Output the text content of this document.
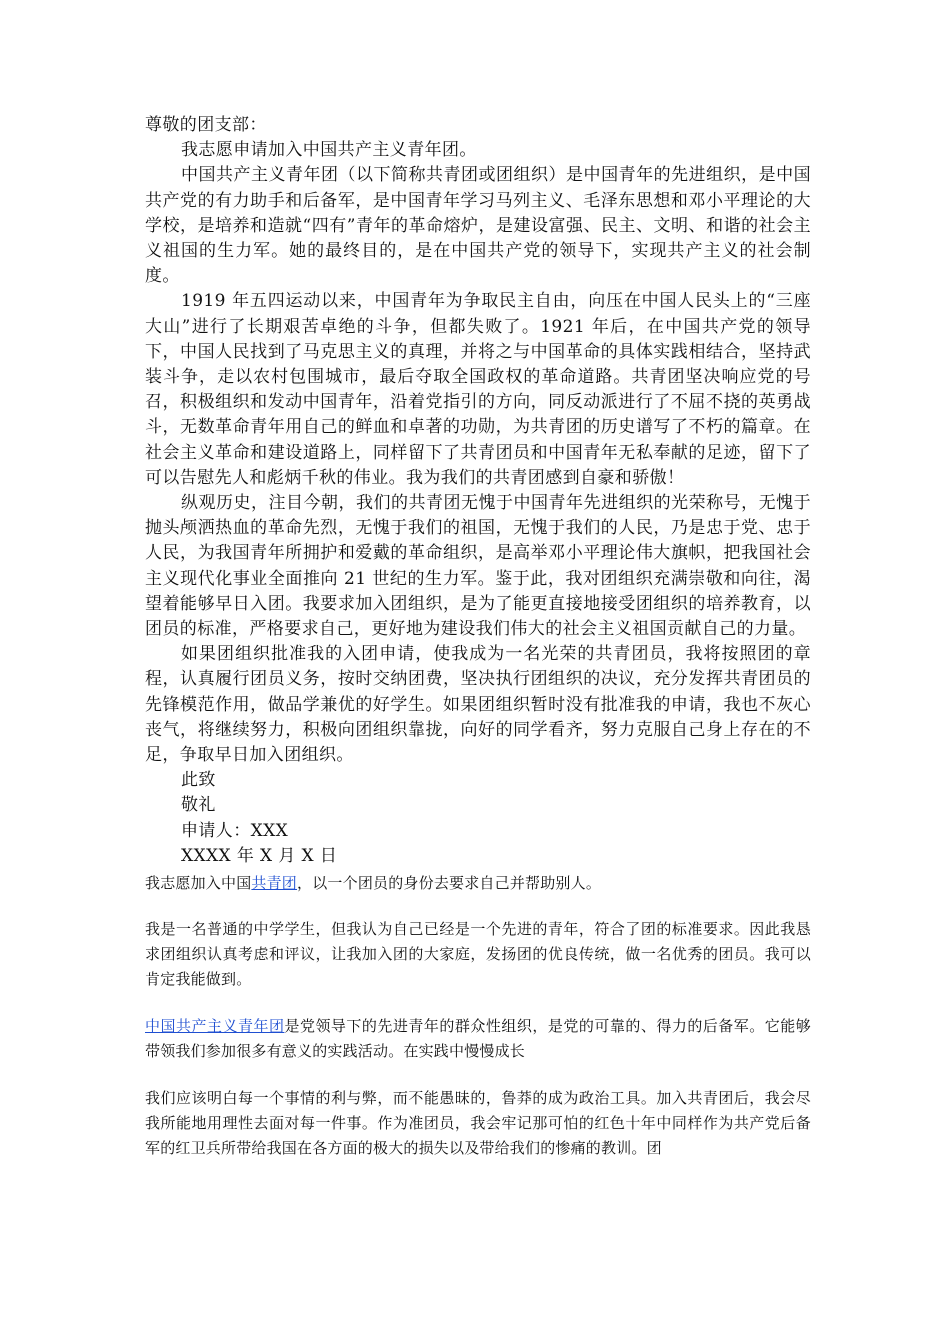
尊敬的团支部：

我志愿申请加入中国共产主义青年团。

中国共产主义青年团（以下简称共青团或团组织）是中国青年的先进组织，是中国共产党的有力助手和后备军，是中国青年学习马列主义、毛泽东思想和邓小平理论的大学校，是培养和造就“四有”青年的革命熔炉，是建设富强、民主、文明、和谐的社会主义祖国的生力军。她的最终目的，是在中国共产党的领导下，实现共产主义的社会制度。

1919 年五四运动以来，中国青年为争取民主自由，向压在中国人民头上的“三座大山”进行了长期艰苦卓绝的斗争，但都失败了。1921 年后，在中国共产党的领导下，中国人民找到了马克思主义的真理，并将之与中国革命的具体实践相结合，坚持武装斗争，走以农村包围城市，最后夺取全国政权的革命道路。共青团坚决响应党的号召，积极组织和发动中国青年，沿着党指引的方向，同反动派进行了不屈不挠的英勇战斗，无数革命青年用自己的鲜血和卓著的功勋，为共青团的历史谱写了不朽的篇章。在社会主义革命和建设道路上，同样留下了共青团员和中国青年无私奉献的足迹，留下了可以告慰先人和彪炳千秋的伟业。我为我们的共青团感到自豪和骄傲！

纵观历史，注目今朝，我们的共青团无愧于中国青年先进组织的光荣称号，无愧于抛头颅洒热血的革命先烈，无愧于我们的祖国，无愧于我们的人民，乃是忠于党、忠于人民，为我国青年所拥护和爱戴的革命组织，是高举邓小平理论伟大旗帜，把我国社会主义现代化事业全面推向 21 世纪的生力军。鉴于此，我对团组织充满崇敬和向往，渴望着能够早日入团。我要求加入团组织，是为了能更直接地接受团组织的培养教育，以团员的标准，严格要求自己，更好地为建设我们伟大的社会主义祖国贡献自己的力量。

如果团组织批准我的入团申请，使我成为一名光荣的共青团员，我将按照团的章程，认真履行团员义务，按时交纳团费，坚决执行团组织的决议，充分发挥共青团员的先锋模范作用，做品学兼优的好学生。如果团组织暂时没有批准我的申请，我也不灰心丧气，将继续努力，积极向团组织靠拢，向好的同学看齐，努力克服自己身上存在的不足，争取早日加入团组织。

此致

敬礼

申请人：XXX

XXXX 年 X 月 X 日

我志愿加入中国共青团，以一个团员的身份去要求自己并帮助别人。

我是一名普通的中学学生，但我认为自己已经是一个先进的青年，符合了团的标准要求。因此我恳求团组织认真考虑和评议，让我加入团的大家庭，发扬团的优良传统，做一名优秀的团员。我可以肯定我能做到。

中国共产主义青年团是党领导下的先进青年的群众性组织，是党的可靠的、得力的后备军。它能够带领我们参加很多有意义的实践活动。在实践中慢慢成长

我们应该明白每一个事情的利与弊，而不能愚昧的，鲁莽的成为政治工具。加入共青团后，我会尽我所能地用理性去面对每一件事。作为准团员，我会牢记那可怕的红色十年中同样作为共产党后备军的红卫兵所带给我国在各方面的极大的损失以及带给我们的惨痛的教训。团
